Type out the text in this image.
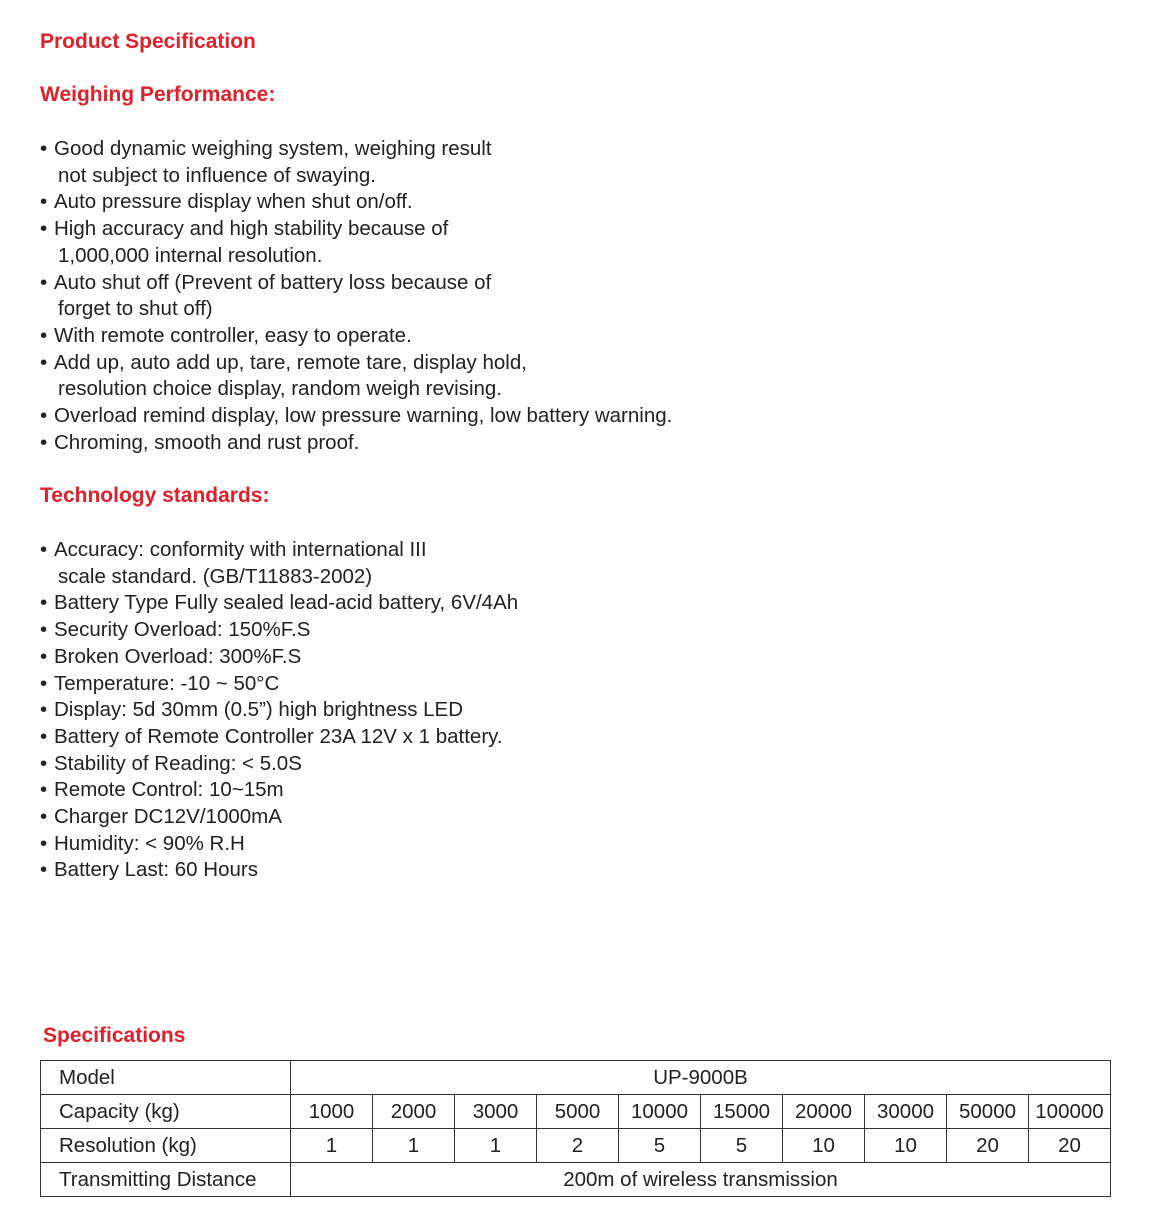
Product Specification
Weighing Performance:
• Good dynamic weighing system, weighing result
not subject to influence of swaying.
• Auto pressure display when shut on/off.
• High accuracy and high stability because of
1,000,000 internal resolution.
• Auto shut off (Prevent of battery loss because of
forget to shut off)
• With remote controller, easy to operate.
• Add up, auto add up, tare, remote tare, display hold,
resolution choice display, random weigh revising.
• Overload remind display, low pressure warning, low battery warning.
• Chroming, smooth and rust proof.
Technology standards:
• Accuracy: conformity with international III
scale standard. (GB/T11883-2002)
• Battery Type Fully sealed lead-acid battery, 6V/4Ah
• Security Overload: 150%F.S
• Broken Overload: 300%F.S
• Temperature: -10 ~ 50°C
• Display: 5d 30mm (0.5”) high brightness LED
• Battery of Remote Controller 23A 12V x 1 battery.
• Stability of Reading: < 5.0S
• Remote Control: 10~15m
• Charger DC12V/1000mA
• Humidity: < 90% R.H
• Battery Last: 60 Hours
Specifications
Model	UP-9000B									
Capacity (kg)	1000	2000	3000	5000	10000	15000	20000	30000	50000	100000
Resolution (kg)	1	1	1	2	5	5	10	10	20	20
Transmitting Distance	200m of wireless transmission									
